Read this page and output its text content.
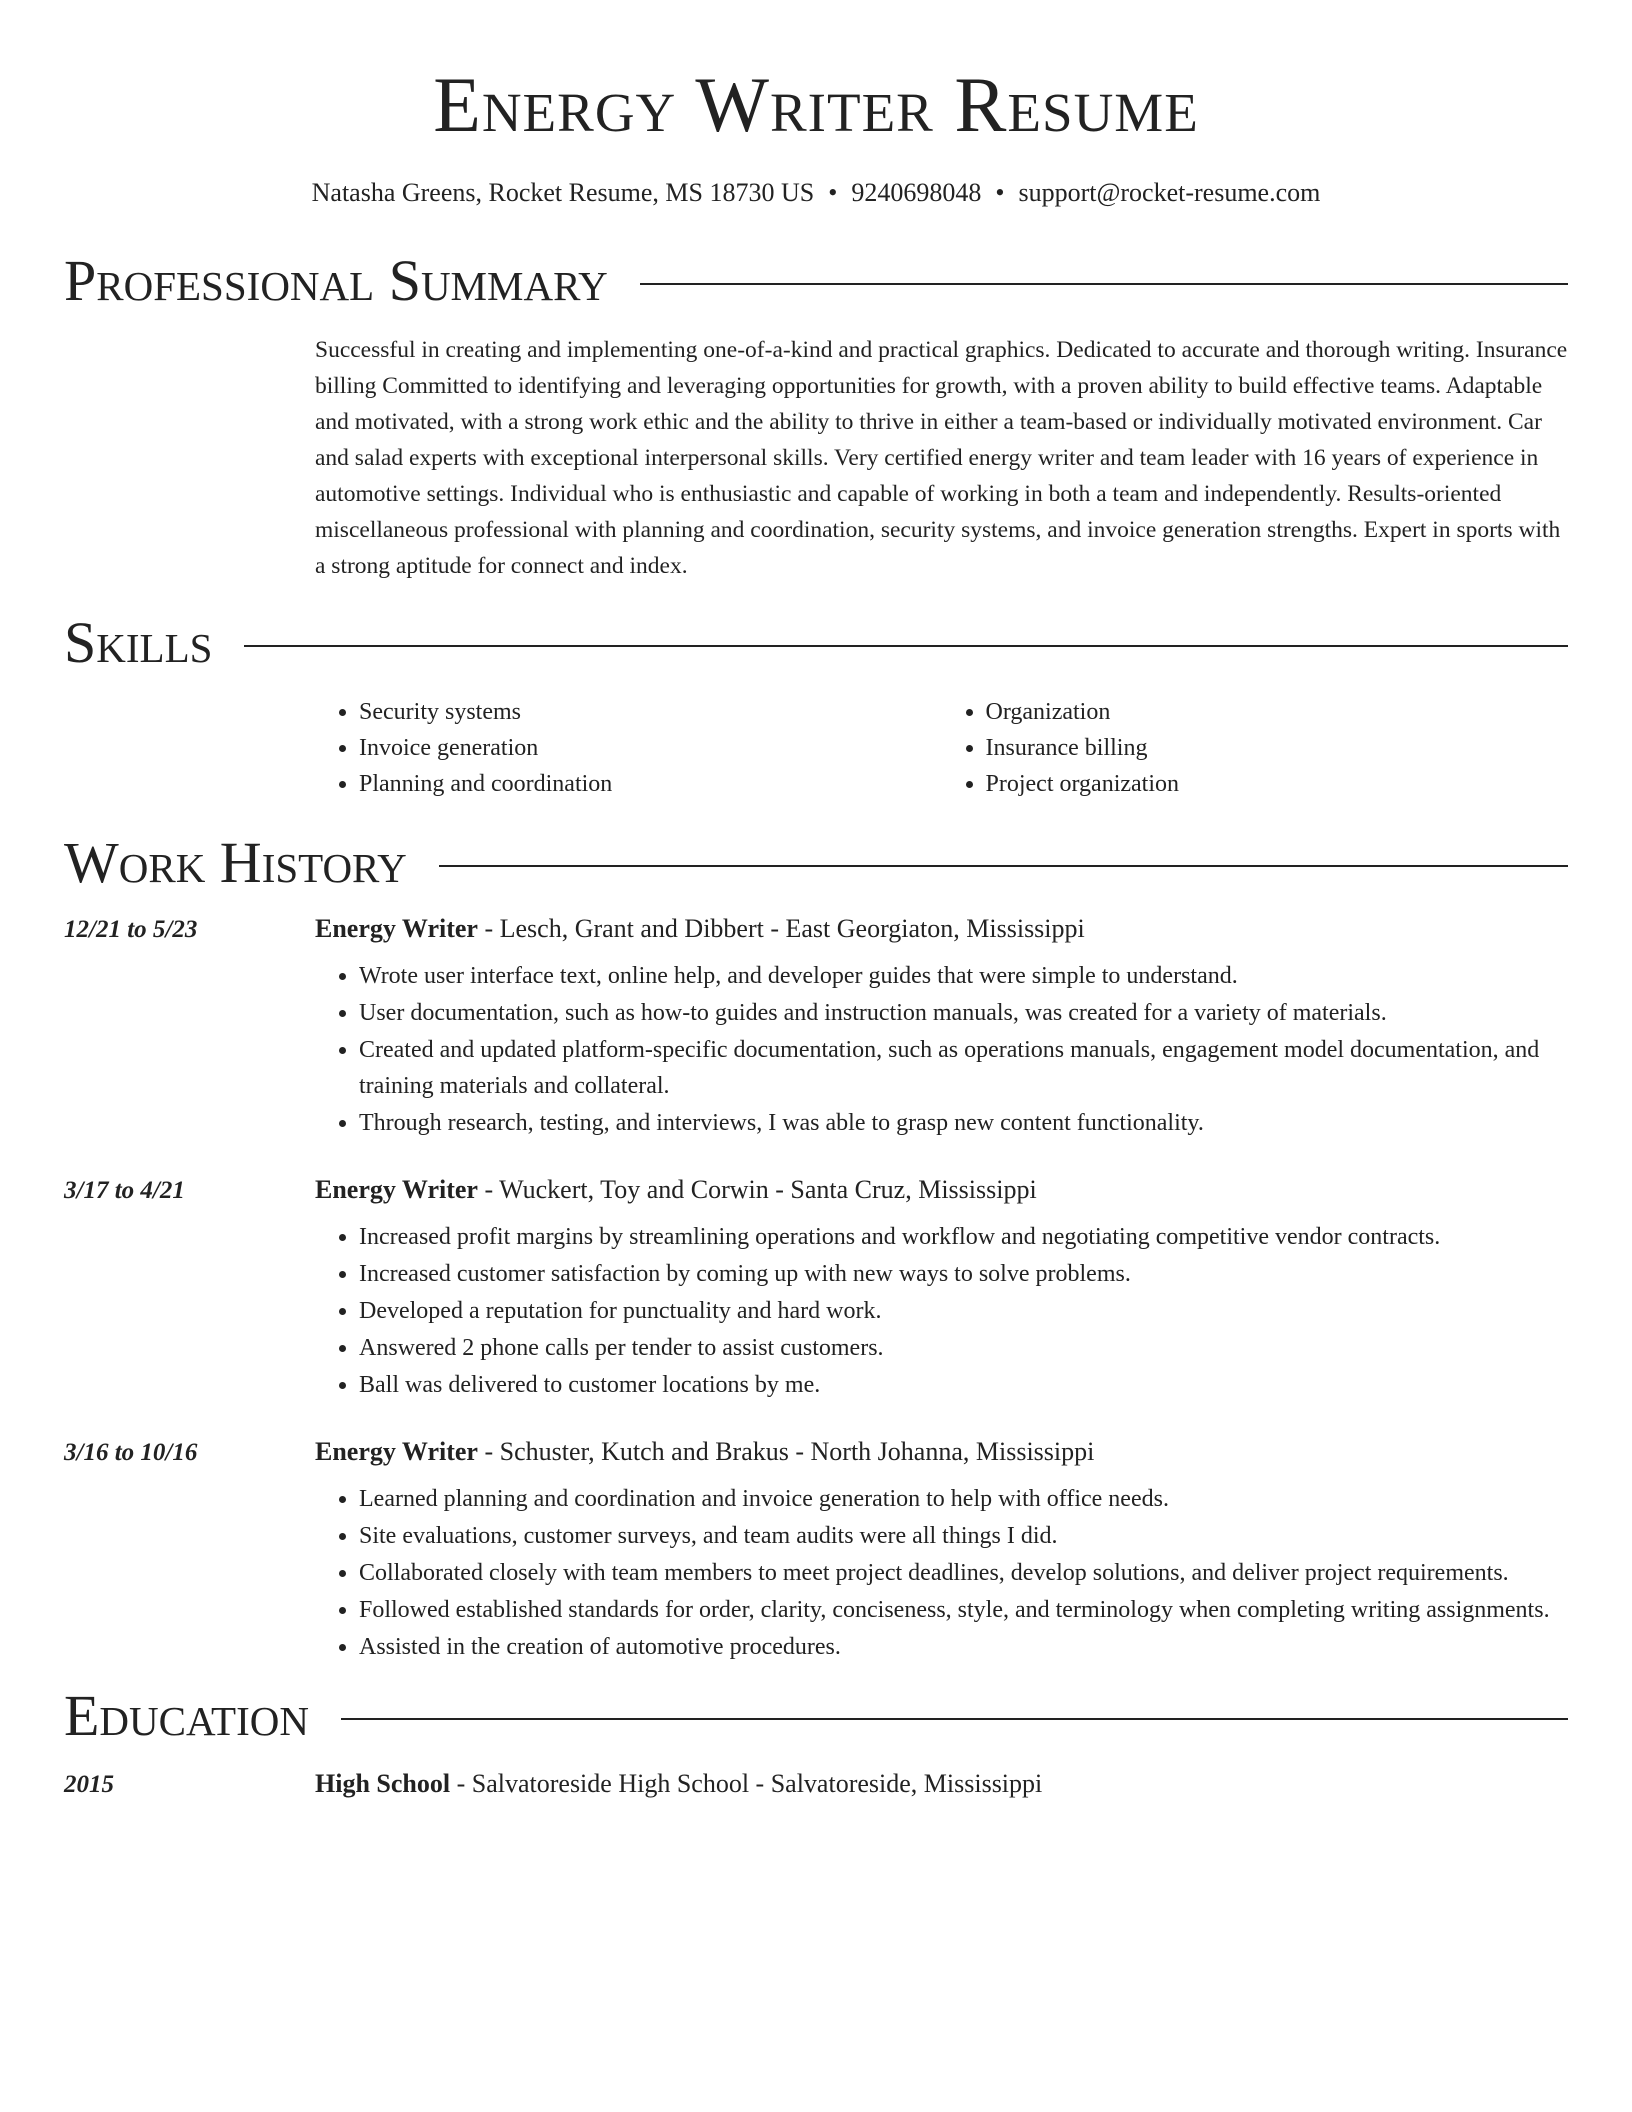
Energy Writer Resume
Natasha Greens, Rocket Resume, MS 18730 US • 9240698048 • support@rocket-resume.com
Professional Summary
Successful in creating and implementing one-of-a-kind and practical graphics. Dedicated to accurate and thorough writing. Insurance billing Committed to identifying and leveraging opportunities for growth, with a proven ability to build effective teams. Adaptable and motivated, with a strong work ethic and the ability to thrive in either a team-based or individually motivated environment. Car and salad experts with exceptional interpersonal skills. Very certified energy writer and team leader with 16 years of experience in automotive settings. Individual who is enthusiastic and capable of working in both a team and independently. Results-oriented miscellaneous professional with planning and coordination, security systems, and invoice generation strengths. Expert in sports with a strong aptitude for connect and index.
Skills
• Security systems
• Invoice generation
• Planning and coordination
• Organization
• Insurance billing
• Project organization
Work History
12/21 to 5/23	Energy Writer - Lesch, Grant and Dibbert - East Georgiaton, Mississippi
• Wrote user interface text, online help, and developer guides that were simple to understand.
• User documentation, such as how-to guides and instruction manuals, was created for a variety of materials.
• Created and updated platform-specific documentation, such as operations manuals, engagement model documentation, and training materials and collateral.
• Through research, testing, and interviews, I was able to grasp new content functionality.
3/17 to 4/21	Energy Writer - Wuckert, Toy and Corwin - Santa Cruz, Mississippi
• Increased profit margins by streamlining operations and workflow and negotiating competitive vendor contracts.
• Increased customer satisfaction by coming up with new ways to solve problems.
• Developed a reputation for punctuality and hard work.
• Answered 2 phone calls per tender to assist customers.
• Ball was delivered to customer locations by me.
3/16 to 10/16	Energy Writer - Schuster, Kutch and Brakus - North Johanna, Mississippi
• Learned planning and coordination and invoice generation to help with office needs.
• Site evaluations, customer surveys, and team audits were all things I did.
• Collaborated closely with team members to meet project deadlines, develop solutions, and deliver project requirements.
• Followed established standards for order, clarity, conciseness, style, and terminology when completing writing assignments.
• Assisted in the creation of automotive procedures.
Education
2015	High School - Salvatoreside High School - Salvatoreside, Mississippi
